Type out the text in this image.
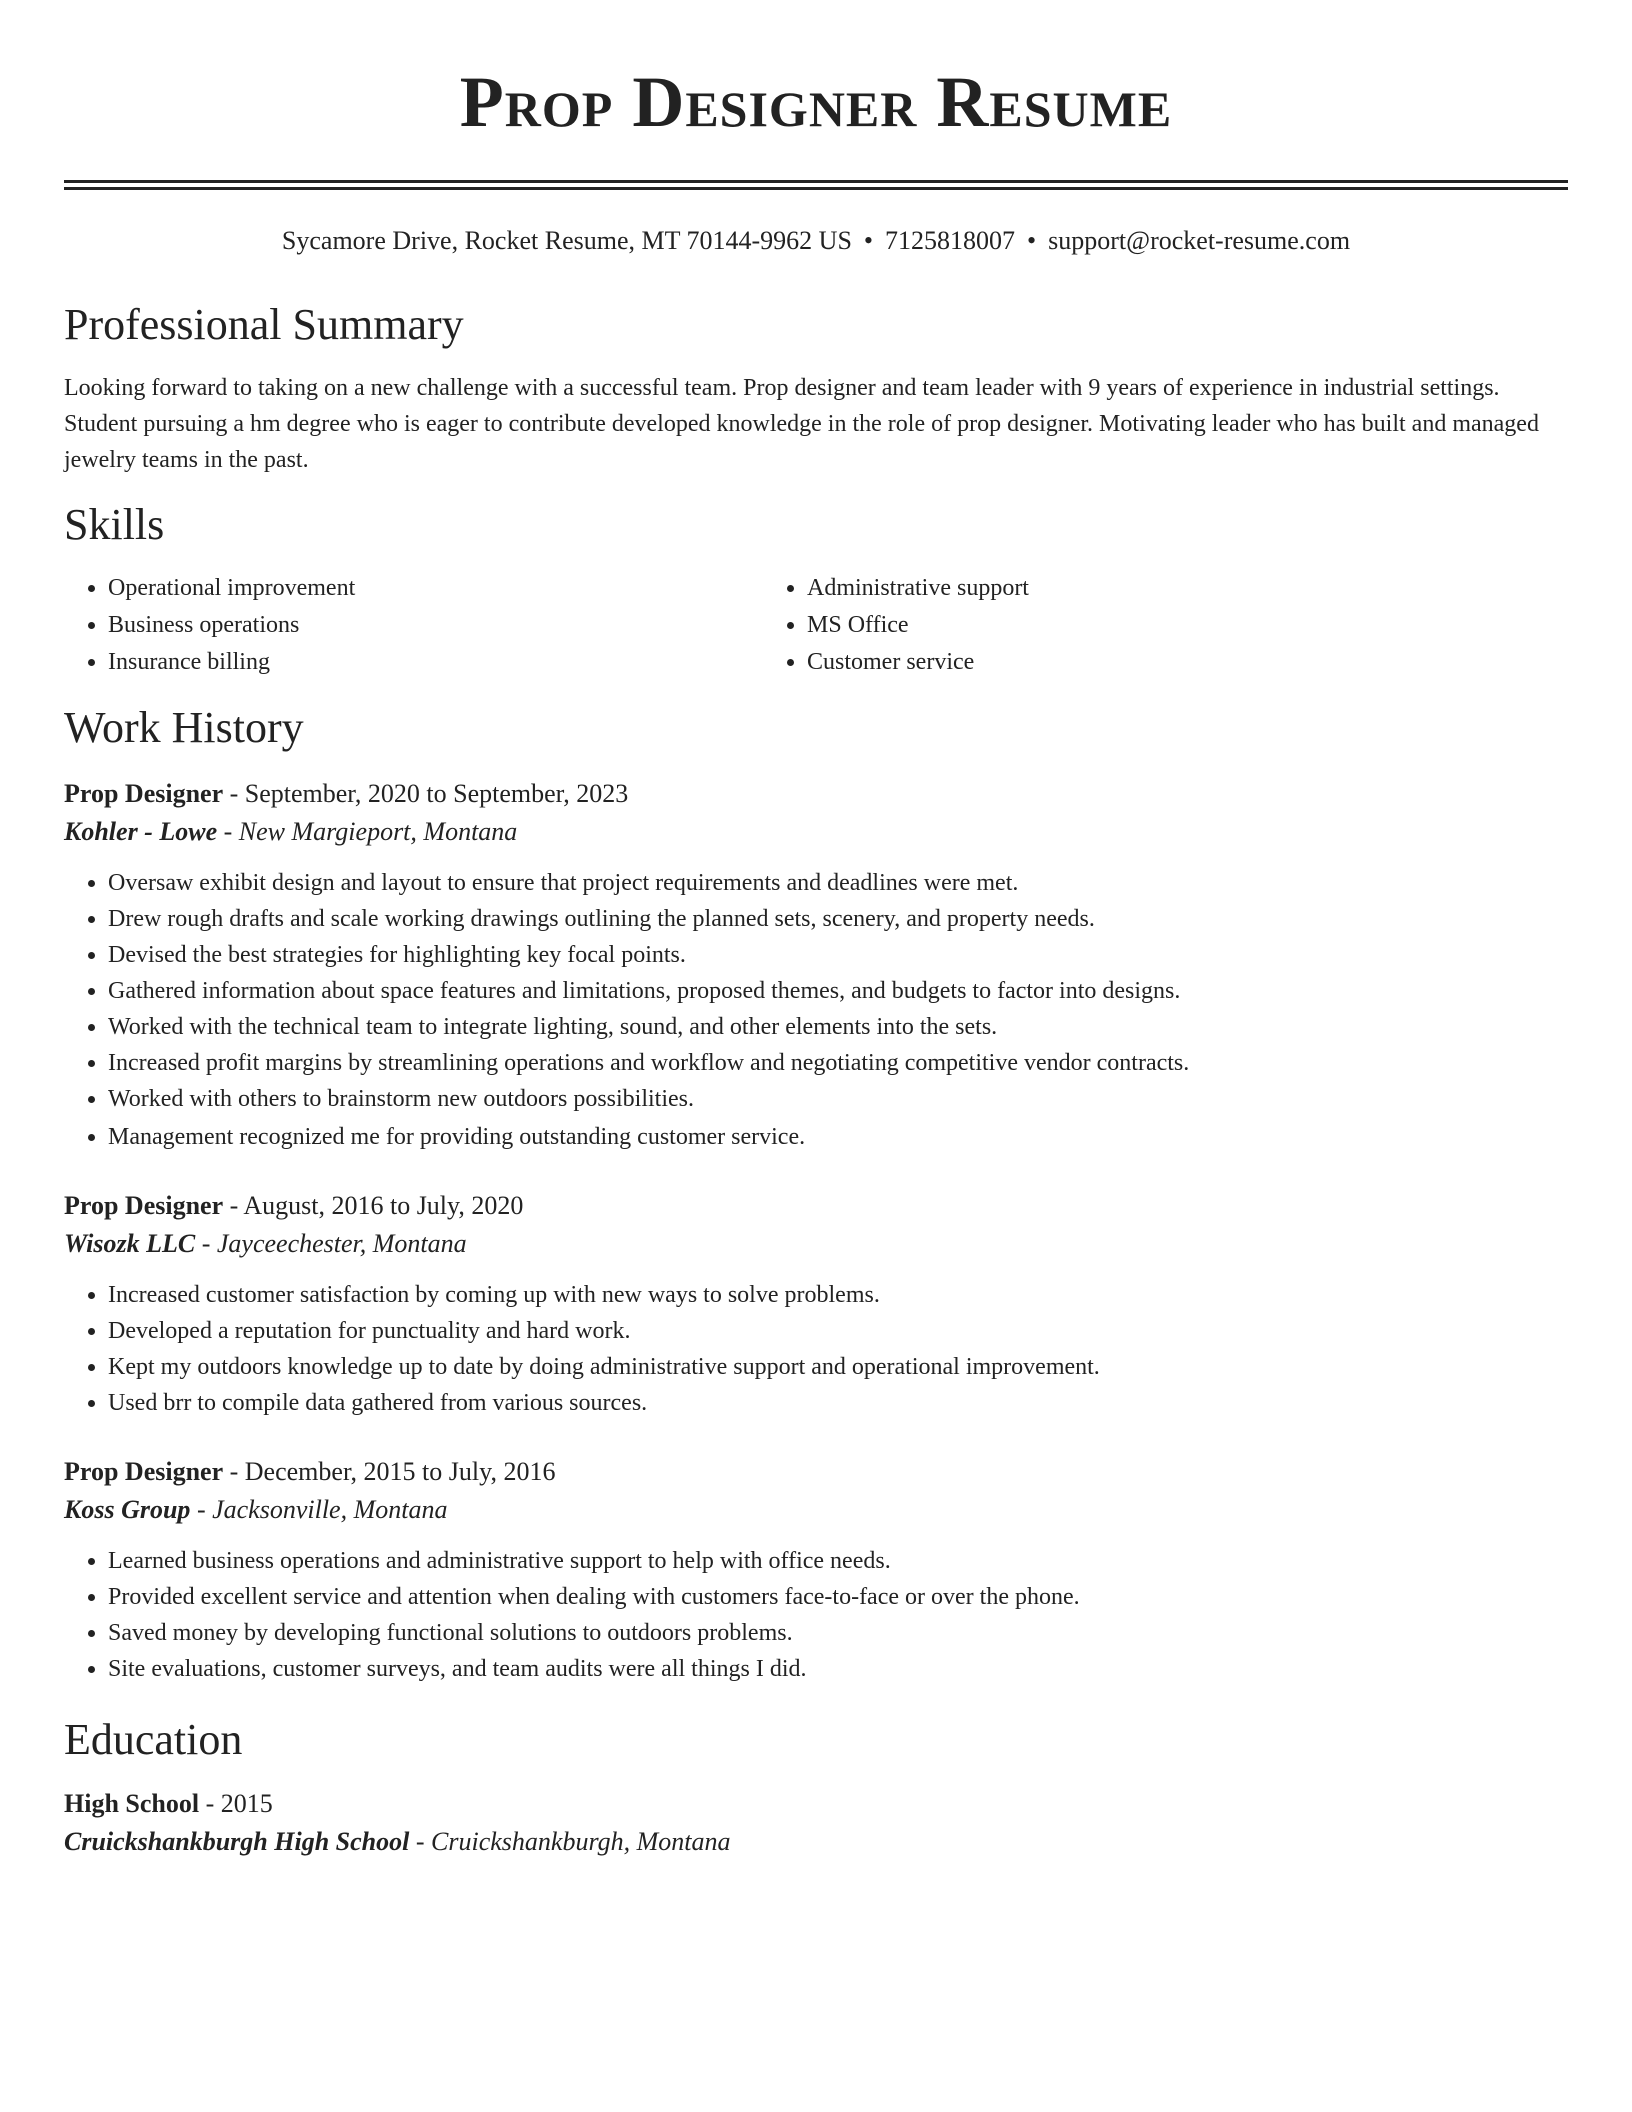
Prop Designer Resume
Sycamore Drive, Rocket Resume, MT 70144-9962 US • 7125818007 • support@rocket-resume.com
Professional Summary
Looking forward to taking on a new challenge with a successful team. Prop designer and team leader with 9 years of experience in industrial settings. Student pursuing a hm degree who is eager to contribute developed knowledge in the role of prop designer. Motivating leader who has built and managed jewelry teams in the past.
Skills
• Operational improvement
• Business operations
• Insurance billing
• Administrative support
• MS Office
• Customer service
Work History
Prop Designer - September, 2020 to September, 2023
Kohler - Lowe - New Margieport, Montana
• Oversaw exhibit design and layout to ensure that project requirements and deadlines were met.
• Drew rough drafts and scale working drawings outlining the planned sets, scenery, and property needs.
• Devised the best strategies for highlighting key focal points.
• Gathered information about space features and limitations, proposed themes, and budgets to factor into designs.
• Worked with the technical team to integrate lighting, sound, and other elements into the sets.
• Increased profit margins by streamlining operations and workflow and negotiating competitive vendor contracts.
• Worked with others to brainstorm new outdoors possibilities.
• Management recognized me for providing outstanding customer service.
Prop Designer - August, 2016 to July, 2020
Wisozk LLC - Jayceechester, Montana
• Increased customer satisfaction by coming up with new ways to solve problems.
• Developed a reputation for punctuality and hard work.
• Kept my outdoors knowledge up to date by doing administrative support and operational improvement.
• Used brr to compile data gathered from various sources.
Prop Designer - December, 2015 to July, 2016
Koss Group - Jacksonville, Montana
• Learned business operations and administrative support to help with office needs.
• Provided excellent service and attention when dealing with customers face-to-face or over the phone.
• Saved money by developing functional solutions to outdoors problems.
• Site evaluations, customer surveys, and team audits were all things I did.
Education
High School - 2015
Cruickshankburgh High School - Cruickshankburgh, Montana
